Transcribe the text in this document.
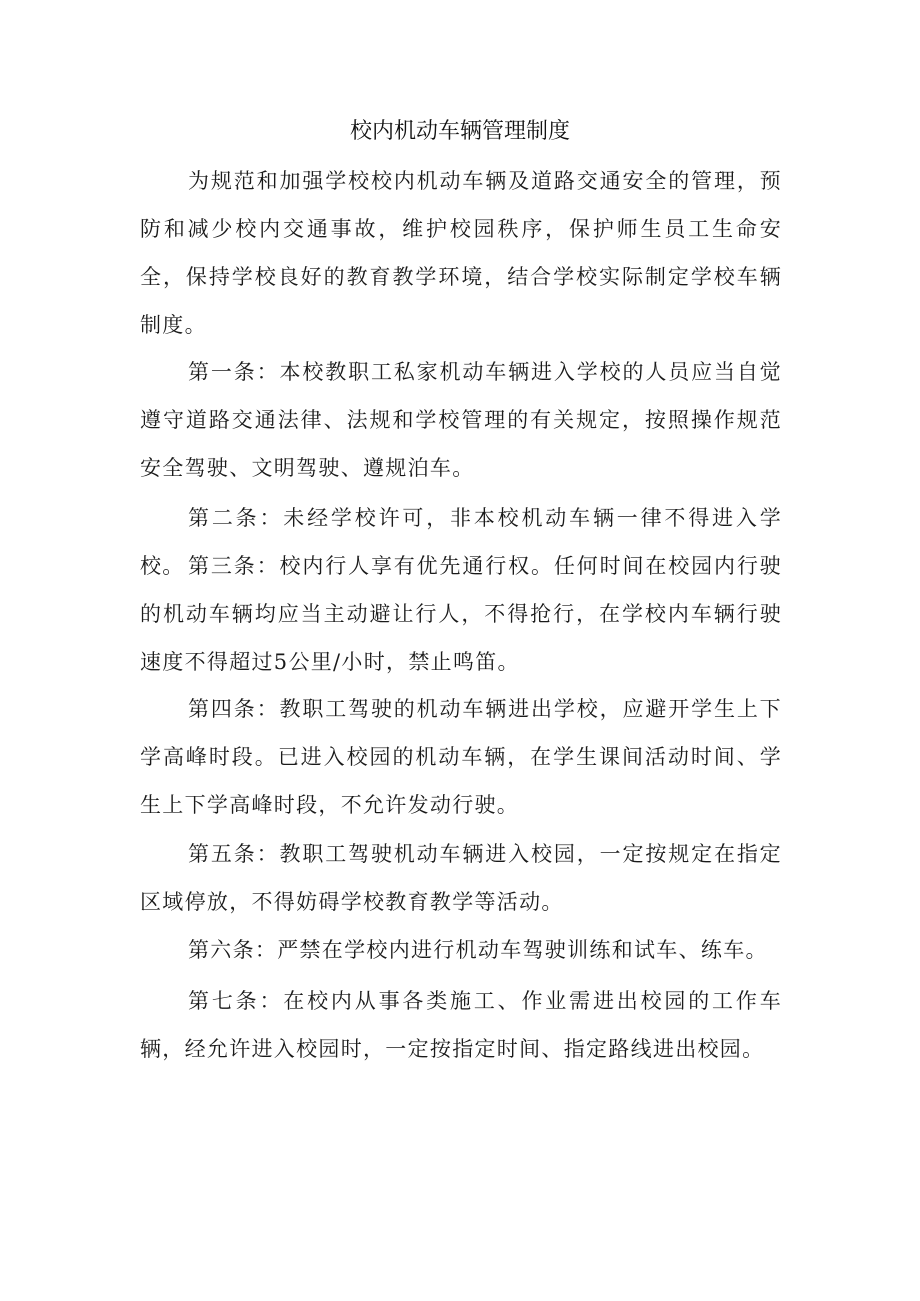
校内机动车辆管理制度

为规范和加强学校校内机动车辆及道路交通安全的管理，预防和减少校内交通事故，维护校园秩序，保护师生员工生命安全，保持学校良好的教育教学环境，结合学校实际制定学校车辆制度。

第一条：本校教职工私家机动车辆进入学校的人员应当自觉遵守道路交通法律、法规和学校管理的有关规定，按照操作规范安全驾驶、文明驾驶、遵规泊车。

第二条：未经学校许可，非本校机动车辆一律不得进入学校。 第三条：校内行人享有优先通行权。任何时间在校园内行驶的机动车辆均应当主动避让行人，不得抢行，在学校内车辆行驶速度不得超过5公里/小时，禁止鸣笛。

第四条：教职工驾驶的机动车辆进出学校，应避开学生上下学高峰时段。已进入校园的机动车辆，在学生课间活动时间、学生上下学高峰时段，不允许发动行驶。

第五条：教职工驾驶机动车辆进入校园，一定按规定在指定区域停放，不得妨碍学校教育教学等活动。

第六条：严禁在学校内进行机动车驾驶训练和试车、练车。

第七条：在校内从事各类施工、作业需进出校园的工作车辆，经允许进入校园时，一定按指定时间、指定路线进出校园。
